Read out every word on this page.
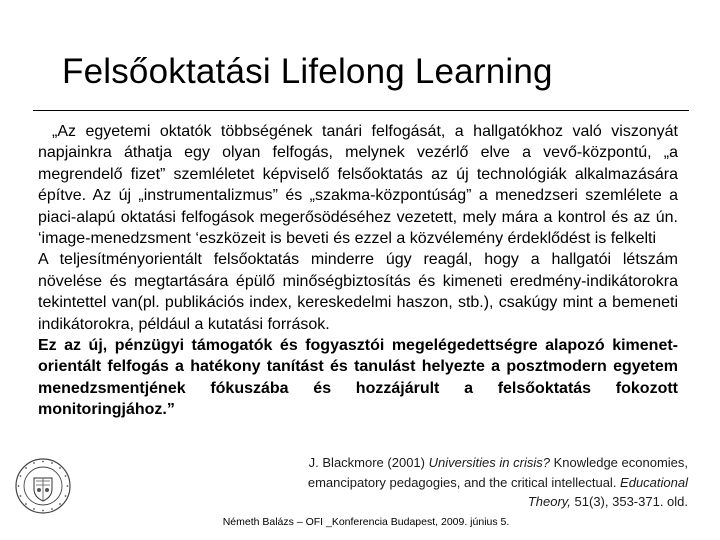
Felsőoktatási Lifelong Learning

„Az egyetemi oktatók többségének tanári felfogását, a hallgatókhoz való viszonyát napjainkra áthatja egy olyan felfogás, melynek vezérlő elve a vevő-központú, „a megrendelő fizet” szemléletet képviselő felsőoktatás az új technológiák alkalmazására építve. Az új „instrumentalizmus” és „szakma-központúság” a menedzseri szemlélete a piaci-alapú oktatási felfogások megerősödéséhez vezetett, mely mára a kontrol és az ún. ‘image-menedzsment ‘eszközeit is beveti és ezzel a közvélemény érdeklődést is felkelti

A teljesítményorientált felsőoktatás minderre úgy reagál, hogy a hallgatói létszám növelése és megtartására épülő minőségbiztosítás és kimeneti eredmény-indikátorokra tekintettel van(pl. publikációs index, kereskedelmi haszon, stb.), csakúgy mint a bemeneti indikátorokra, például a kutatási források.

Ez az új, pénzügyi támogatók és fogyasztói megelégedettségre alapozó kimenet-orientált felfogás a hatékony tanítást és tanulást helyezte a posztmodern egyetem menedzsmentjének fókuszába és hozzájárult a felsőoktatás fokozott monitoringjához.”

J. Blackmore (2001) Universities in crisis? Knowledge economies, emancipatory pedagogies, and the critical intellectual. Educational Theory, 51(3), 353-371. old.
Németh Balázs – OFI _Konferencia Budapest, 2009. június 5.
